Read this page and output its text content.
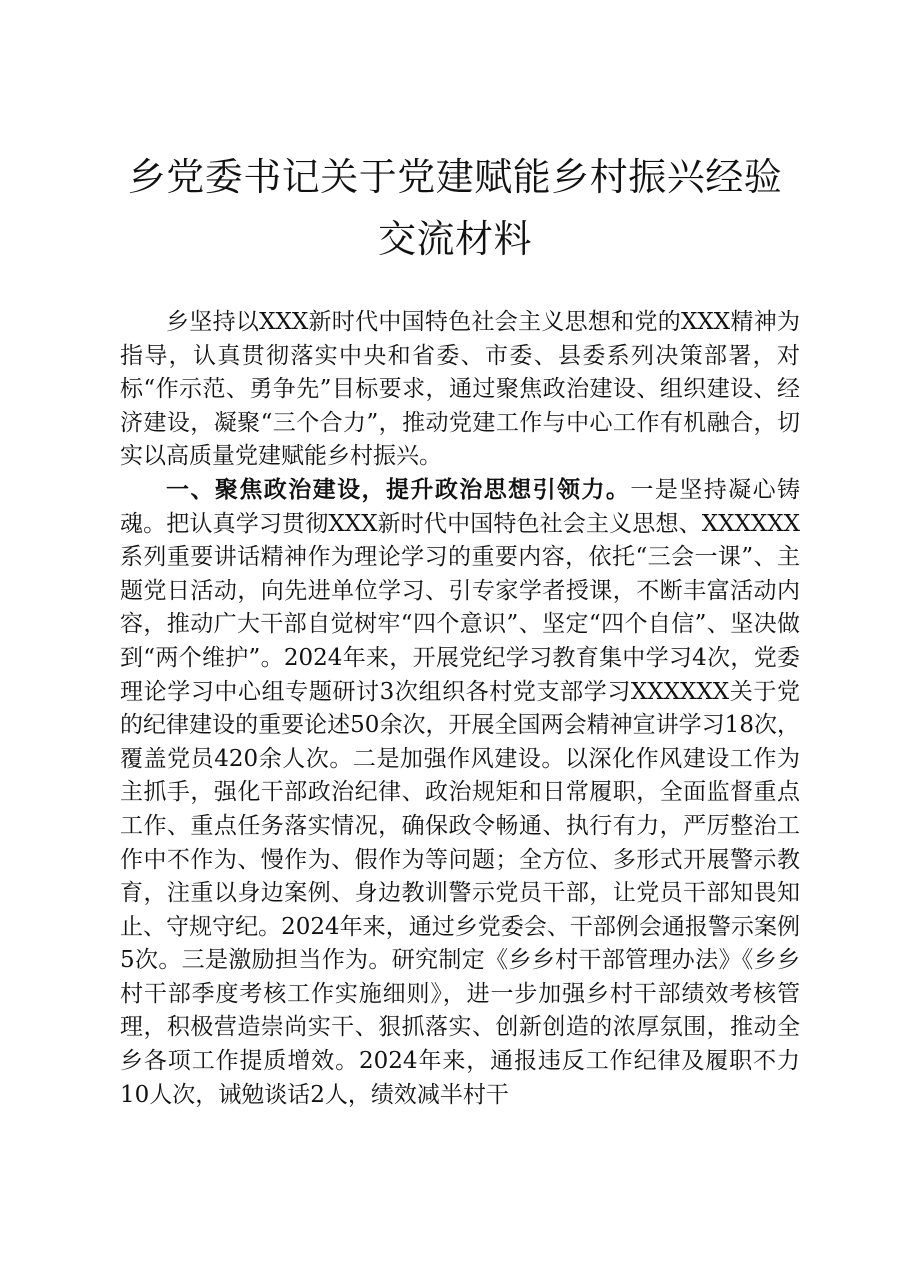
乡党委书记关于党建赋能乡村振兴经验交流材料

乡坚持以XXX新时代中国特色社会主义思想和党的XXX精神为指导，认真贯彻落实中央和省委、市委、县委系列决策部署，对标“作示范、勇争先”目标要求，通过聚焦政治建设、组织建设、经济建设，凝聚“三个合力”，推动党建工作与中心工作有机融合，切实以高质量党建赋能乡村振兴。

一、聚焦政治建设，提升政治思想引领力。一是坚持凝心铸魂。把认真学习贯彻XXX新时代中国特色社会主义思想、XXXXXX系列重要讲话精神作为理论学习的重要内容，依托“三会一课”、主题党日活动，向先进单位学习、引专家学者授课，不断丰富活动内容，推动广大干部自觉树牢“四个意识”、坚定“四个自信”、坚决做到“两个维护”。2024年来，开展党纪学习教育集中学习4次，党委理论学习中心组专题研讨3次组织各村党支部学习XXXXXX关于党的纪律建设的重要论述50余次，开展全国两会精神宣讲学习18次，覆盖党员420余人次。二是加强作风建设。以深化作风建设工作为主抓手，强化干部政治纪律、政治规矩和日常履职，全面监督重点工作、重点任务落实情况，确保政令畅通、执行有力，严厉整治工作中不作为、慢作为、假作为等问题；全方位、多形式开展警示教育，注重以身边案例、身边教训警示党员干部，让党员干部知畏知止、守规守纪。2024年来，通过乡党委会、干部例会通报警示案例5次。三是激励担当作为。研究制定《乡乡村干部管理办法》《乡乡村干部季度考核工作实施细则》，进一步加强乡村干部绩效考核管理，积极营造崇尚实干、狠抓落实、创新创造的浓厚氛围，推动全乡各项工作提质增效。2024年来，通报违反工作纪律及履职不力10人次，诫勉谈话2人，绩效减半村干
